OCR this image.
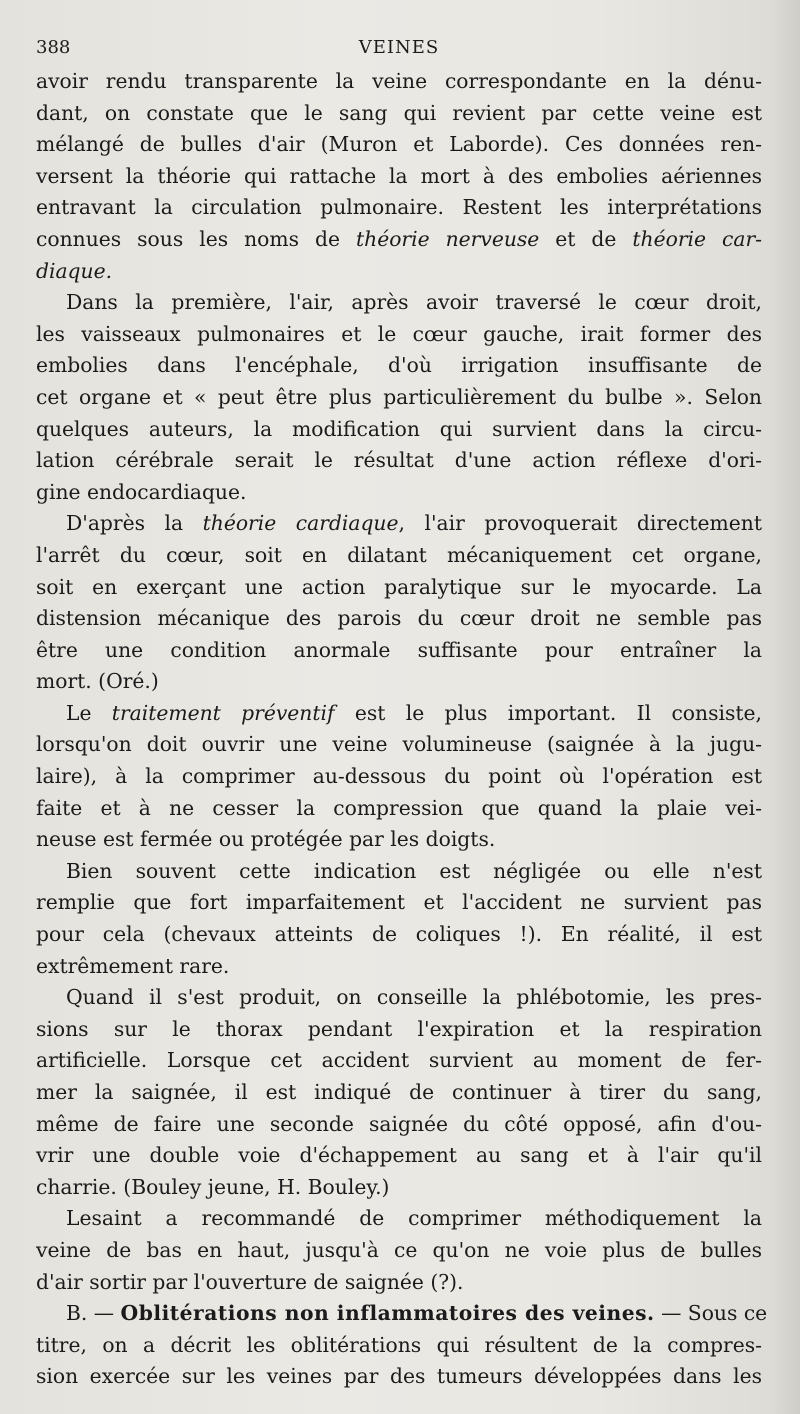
388	VEINES
avoir rendu transparente la veine correspondante en la dénu-
dant, on constate que le sang qui revient par cette veine est
mélangé de bulles d'air (Muron et Laborde). Ces données ren-
versent la théorie qui rattache la mort à des embolies aériennes
entravant la circulation pulmonaire. Restent les interprétations
connues sous les noms de théorie nerveuse et de théorie car-
diaque.
Dans la première, l'air, après avoir traversé le cœur droit,
les vaisseaux pulmonaires et le cœur gauche, irait former des
embolies dans l'encéphale, d'où irrigation insuffisante de
cet organe et « peut être plus particulièrement du bulbe ». Selon
quelques auteurs, la modification qui survient dans la circu-
lation cérébrale serait le résultat d'une action réflexe d'ori-
gine endocardiaque.
D'après la théorie cardiaque, l'air provoquerait directement
l'arrêt du cœur, soit en dilatant mécaniquement cet organe,
soit en exerçant une action paralytique sur le myocarde. La
distension mécanique des parois du cœur droit ne semble pas
être une condition anormale suffisante pour entraîner la
mort. (Oré.)
Le traitement préventif est le plus important. Il consiste,
lorsqu'on doit ouvrir une veine volumineuse (saignée à la jugu-
laire), à la comprimer au-dessous du point où l'opération est
faite et à ne cesser la compression que quand la plaie vei-
neuse est fermée ou protégée par les doigts.
Bien souvent cette indication est négligée ou elle n'est
remplie que fort imparfaitement et l'accident ne survient pas
pour cela (chevaux atteints de coliques !). En réalité, il est
extrêmement rare.
Quand il s'est produit, on conseille la phlébotomie, les pres-
sions sur le thorax pendant l'expiration et la respiration
artificielle. Lorsque cet accident survient au moment de fer-
mer la saignée, il est indiqué de continuer à tirer du sang,
même de faire une seconde saignée du côté opposé, afin d'ou-
vrir une double voie d'échappement au sang et à l'air qu'il
charrie. (Bouley jeune, H. Bouley.)
Lesaint a recommandé de comprimer méthodiquement la
veine de bas en haut, jusqu'à ce qu'on ne voie plus de bulles
d'air sortir par l'ouverture de saignée (?).
B. — Oblitérations non inflammatoires des veines. — Sous ce
titre, on a décrit les oblitérations qui résultent de la compres-
sion exercée sur les veines par des tumeurs développées dans les
